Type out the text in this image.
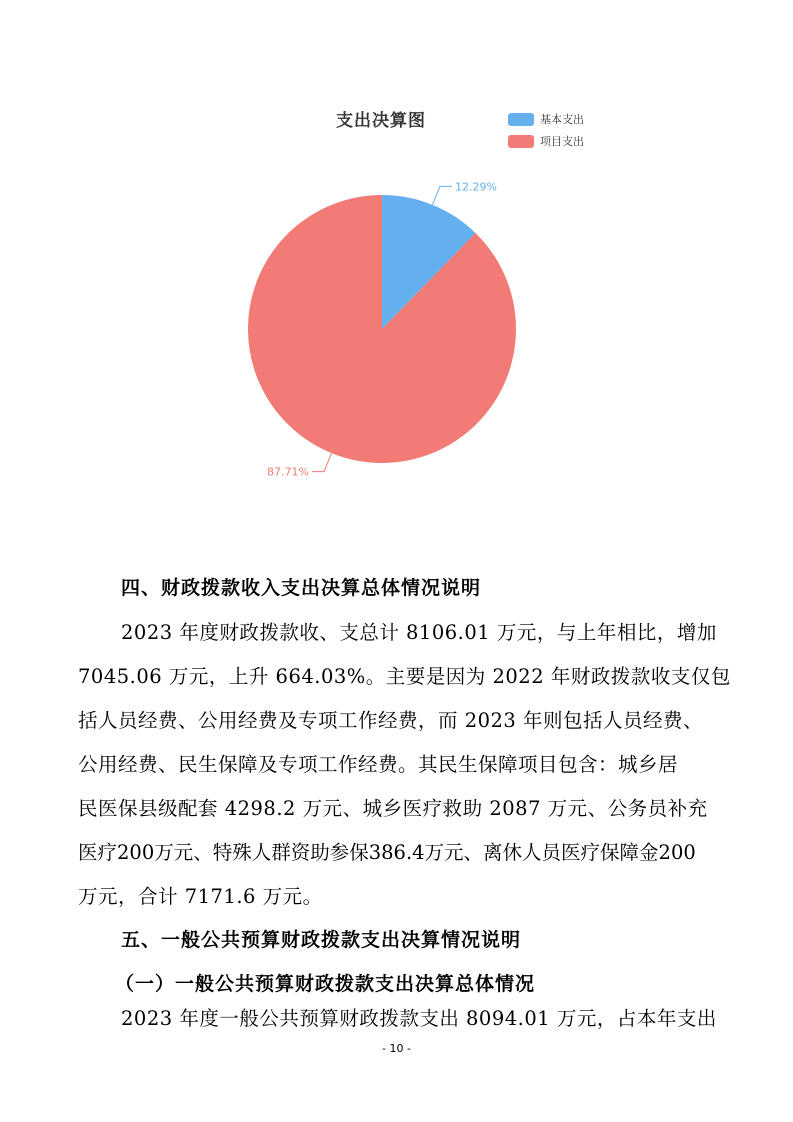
12.29%
87.71%
支出决算图	基本支出
项目支出
四、财政拨款收入支出决算总体情况说明
2023 年度财政拨款收、支总计 8106.01 万元，与上年相比，增加
7045.06 万元，上升 664.03%。主要是因为 2022 年财政拨款收支仅包
括人员经费、公用经费及专项工作经费，而 2023 年则包括人员经费、
公用经费、民生保障及专项工作经费。其民生保障项目包含：城乡居
民医保县级配套 4298.2 万元、城乡医疗救助 2087 万元、公务员补充
医疗200万元、特殊人群资助参保386.4万元、离休人员医疗保障金200
万元，合计 7171.6 万元。
五、一般公共预算财政拨款支出决算情况说明
（一）一般公共预算财政拨款支出决算总体情况
2023 年度一般公共预算财政拨款支出 8094.01 万元，占本年支出
- 10 -
